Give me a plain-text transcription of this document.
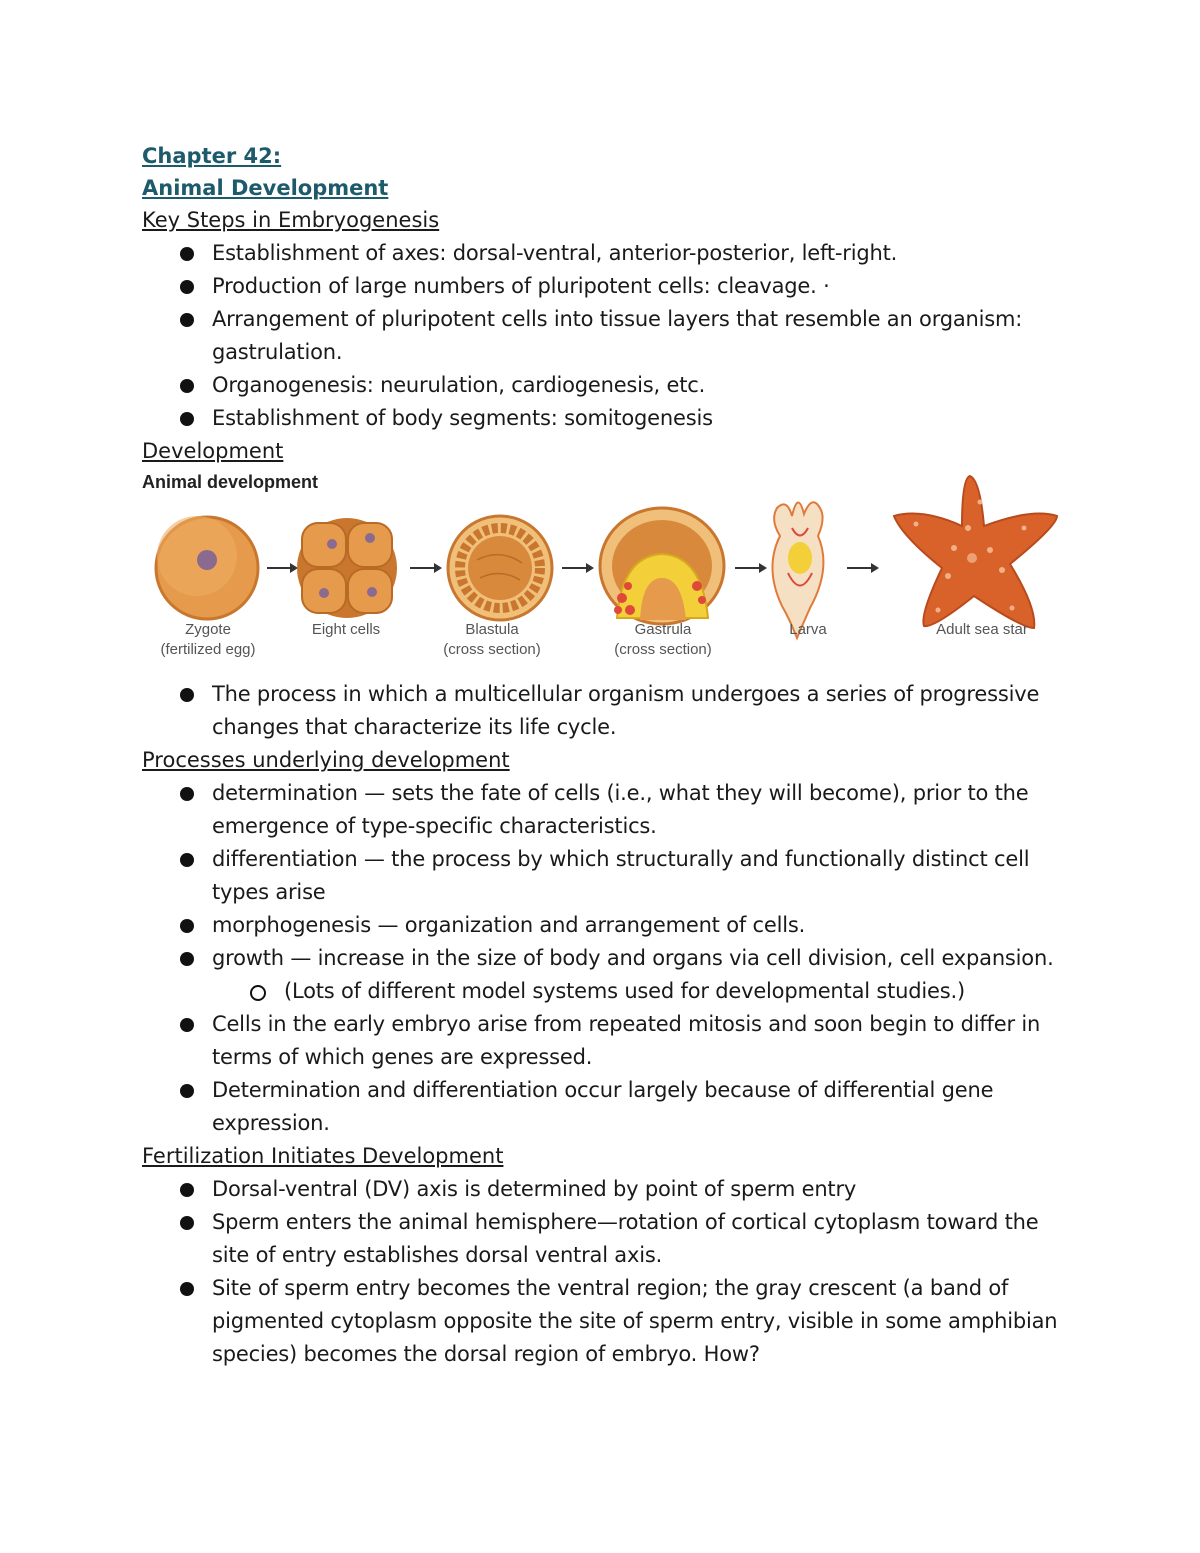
Chapter 42:
Animal Development
Key Steps in Embryogenesis
Establishment of axes: dorsal-ventral, anterior-posterior, left-right.
Production of large numbers of pluripotent cells: cleavage. ·
Arrangement of pluripotent cells into tissue layers that resemble an organism: gastrulation.
Organogenesis: neurulation, cardiogenesis, etc.
Establishment of body segments: somitogenesis
Development
Animal development
Zygote
(fertilized egg)
Eight cells	Blastula
(cross section)
Gastrula
(cross section)
Larva	Adult sea star
The process in which a multicellular organism undergoes a series of progressive changes that characterize its life cycle.
Processes underlying development
determination — sets the fate of cells (i.e., what they will become), prior to the emergence of type-specific characteristics.
differentiation — the process by which structurally and functionally distinct cell types arise
morphogenesis — organization and arrangement of cells.
growth — increase in the size of body and organs via cell division, cell expansion.
(Lots of different model systems used for developmental studies.)
Cells in the early embryo arise from repeated mitosis and soon begin to differ in terms of which genes are expressed.
Determination and differentiation occur largely because of differential gene expression.
Fertilization Initiates Development
Dorsal-ventral (DV) axis is determined by point of sperm entry
Sperm enters the animal hemisphere—rotation of cortical cytoplasm toward the site of entry establishes dorsal ventral axis.
Site of sperm entry becomes the ventral region; the gray crescent (a band of pigmented cytoplasm opposite the site of sperm entry, visible in some amphibian species) becomes the dorsal region of embryo. How?
